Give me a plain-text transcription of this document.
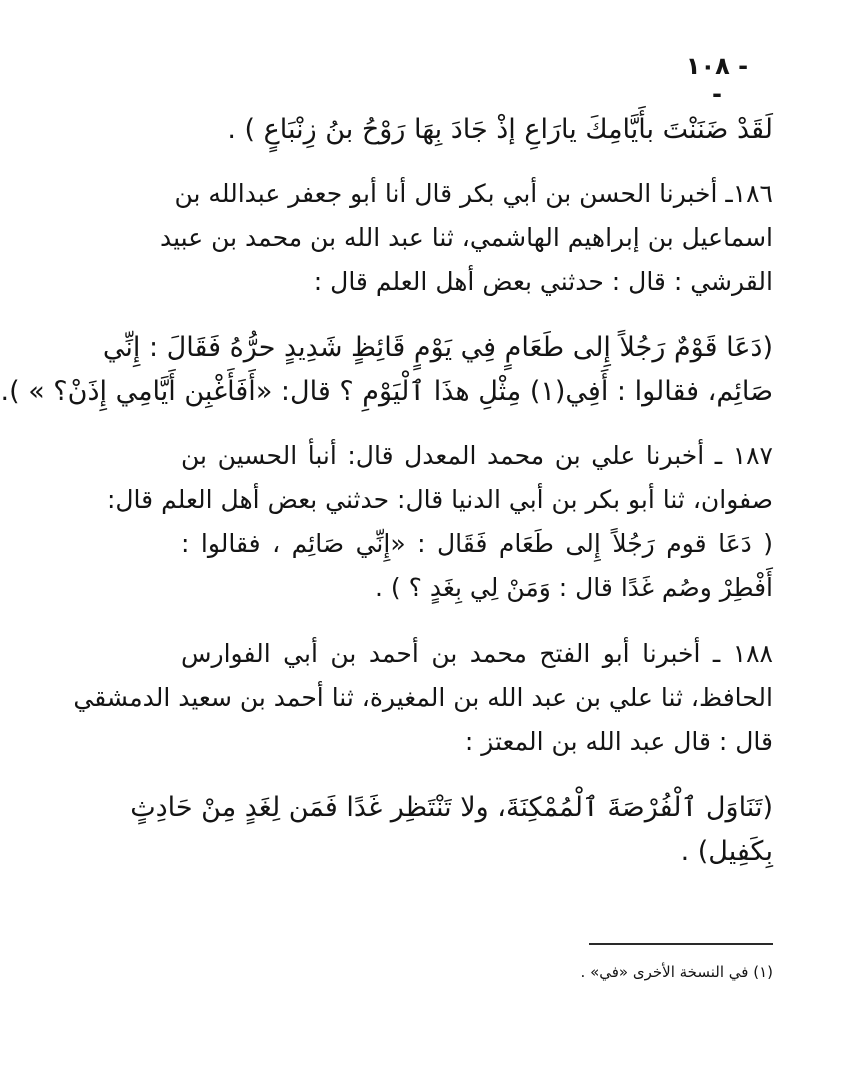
- ١٠٨ -
لَقَدْ ضَنَنْتَ بأَيَّامِكَ يارَاعِ إذْ جَادَ بِهَا رَوْحُ بنُ زِنْبَاعٍ ) .
١٨٦ـ أخبرنا الحسن بن أبي بكر قال أنا أبو جعفر عبدالله بن
اسماعيل بن إبراهيم الهاشمي، ثنا عبد الله بن محمد بن عبيد
القرشي : قال : حدثني بعض أهل العلم قال :
(دَعَا قَوْمٌ رَجُلاً إِلى طَعَامٍ فِي يَوْمٍ قَائِظٍ شَدِيدٍ حرُّهُ فَقَالَ : إِنِّي
صَائِم، فقالوا : أَفِي(١) مِثْلِ هذَا ٱلْيَوْمِ ؟ قال: «أَفَأَغْبِن أَيَّامِي إِذَنْ؟ » ).
١٨٧ ـ أخبرنا علي بن محمد المعدل قال: أنبأ الحسين بن
صفوان، ثنا أبو بكر بن أبي الدنيا قال: حدثني بعض أهل العلم قال:
( دَعَا قوم رَجُلاً إِلى طَعَام فَقَال : «إِنِّي صَائِم ، فقالوا :
أَفْطِرْ وصُم غَدًا قال : وَمَنْ لِي بِغَدٍ ؟ ) .
١٨٨ ـ أخبرنا أبو الفتح محمد بن أحمد بن أبي الفوارس
الحافظ، ثنا علي بن عبد الله بن المغيرة، ثنا أحمد بن سعيد الدمشقي
قال : قال عبد الله بن المعتز :
(تَنَاوَل ٱلْفُرْصَةَ ٱلْمُمْكِنَةَ، ولا تَنْتَظِر غَدًا فَمَن لِغَدٍ مِنْ حَادِثٍ
بِكَفِيل) .
(١) في النسخة الأخرى «في» .
